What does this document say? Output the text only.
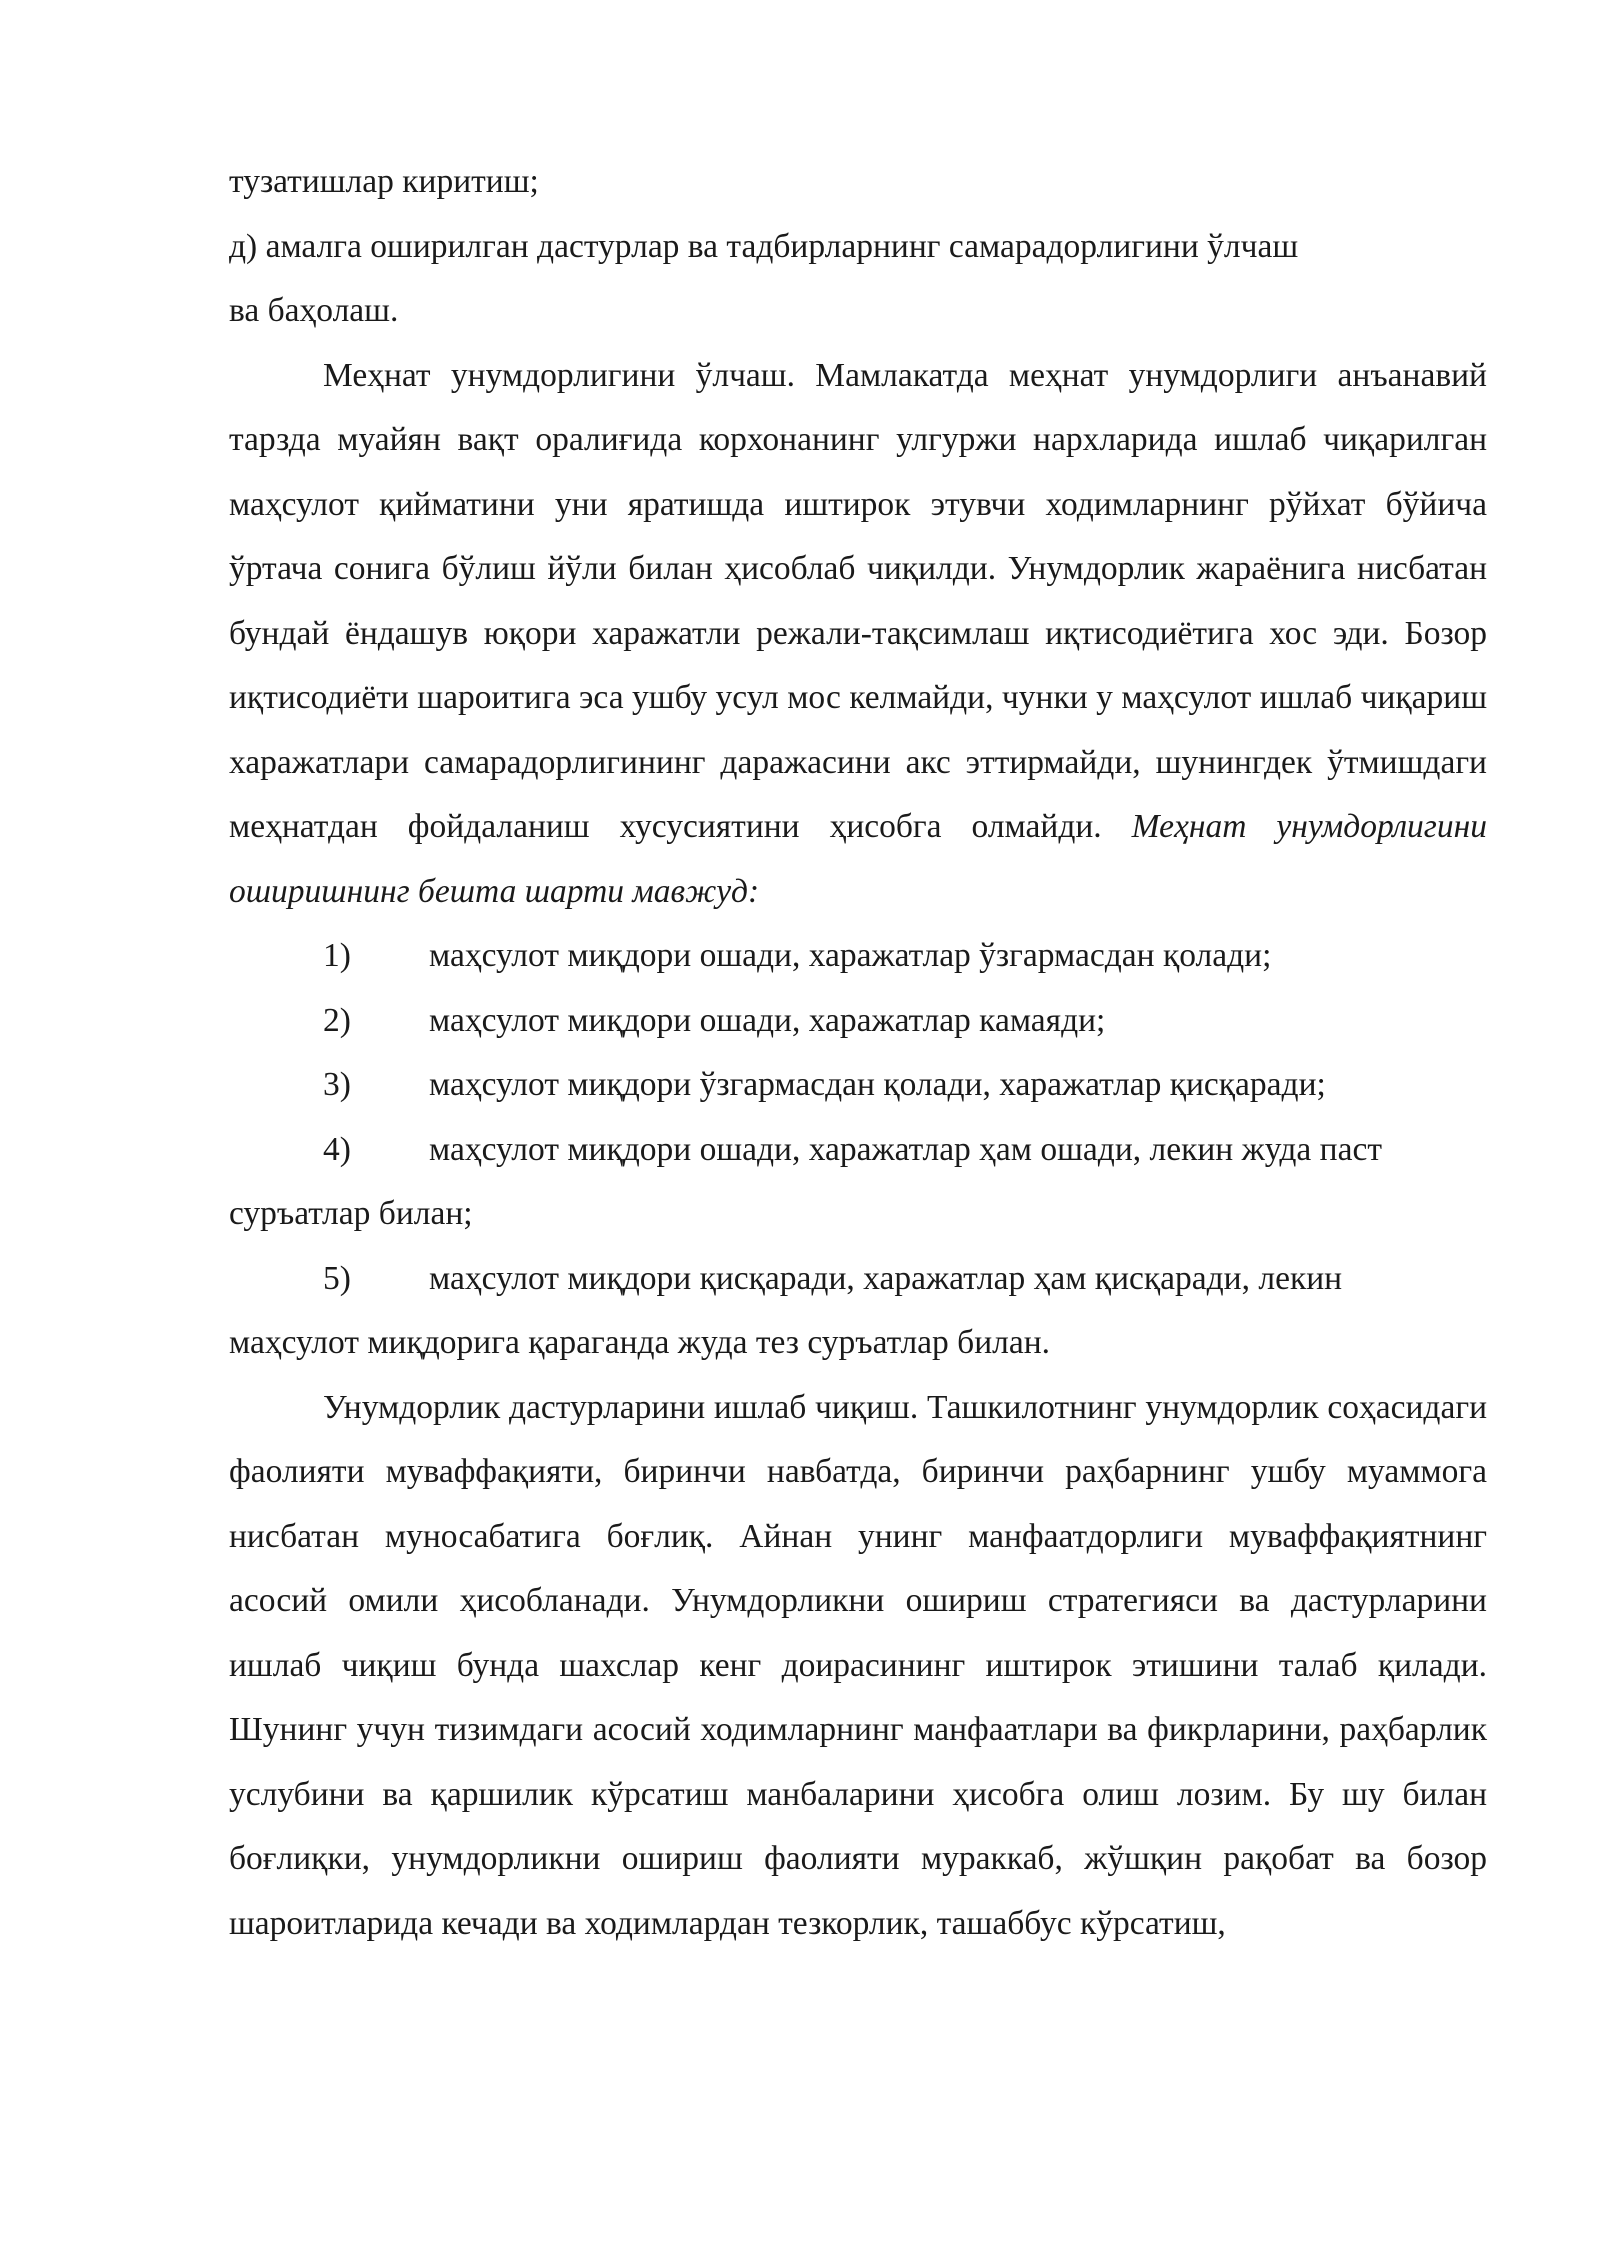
тузатишлар киритиш;
д) амалга оширилган дастурлар ва тадбирларнинг самарадорлигини ўлчаш
ва баҳолаш.

Меҳнат унумдорлигини ўлчаш. Мамлакатда меҳнат унумдорлиги анъанавий тарзда муайян вақт оралиғида корхонанинг улгуржи нархларида ишлаб чиқарилган маҳсулот қийматини уни яратишда иштирок этувчи ходимларнинг рўйхат бўйича ўртача сонига бўлиш йўли билан ҳисоблаб чиқилди. Унумдорлик жараёнига нисбатан бундай ёндашув юқори харажатли режали-тақсимлаш иқтисодиётига хос эди. Бозор иқтисодиёти шароитига эса ушбу усул мос келмайди, чунки у маҳсулот ишлаб чиқариш харажатлари самарадорлигининг даражасини акс эттирмайди, шунингдек ўтмишдаги меҳнатдан фойдаланиш хусусиятини ҳисобга олмайди. Меҳнат унумдорлигини оширишнинг бешта шарти мавжуд:

1) маҳсулот миқдори ошади, харажатлар ўзгармасдан қолади;

2) маҳсулот миқдори ошади, харажатлар камаяди;

3) маҳсулот миқдори ўзгармасдан қолади, харажатлар қисқаради;

4) маҳсулот миқдори ошади, харажатлар ҳам ошади, лекин жуда паст
суръатлар билан;

5) маҳсулот миқдори қисқаради, харажатлар ҳам қисқаради, лекин
маҳсулот миқдорига қараганда жуда тез суръатлар билан.

Унумдорлик дастурларини ишлаб чиқиш. Ташкилотнинг унумдорлик соҳасидаги фаолияти муваффақияти, биринчи навбатда, биринчи раҳбарнинг ушбу муаммога нисбатан муносабатига боғлиқ. Айнан унинг манфаатдорлиги муваффақиятнинг асосий омили ҳисобланади. Унумдорликни ошириш стратегияси ва дастурларини ишлаб чиқиш бунда шахслар кенг доирасининг иштирок этишини талаб қилади. Шунинг учун тизимдаги асосий ходимларнинг манфаатлари ва фикрларини, раҳбарлик услубини ва қаршилик кўрсатиш манбаларини ҳисобга олиш лозим. Бу шу билан боғлиқки, унумдорликни ошириш фаолияти мураккаб, жўшқин рақобат ва бозор шароитларида кечади ва ходимлардан тезкорлик, ташаббус кўрсатиш,
